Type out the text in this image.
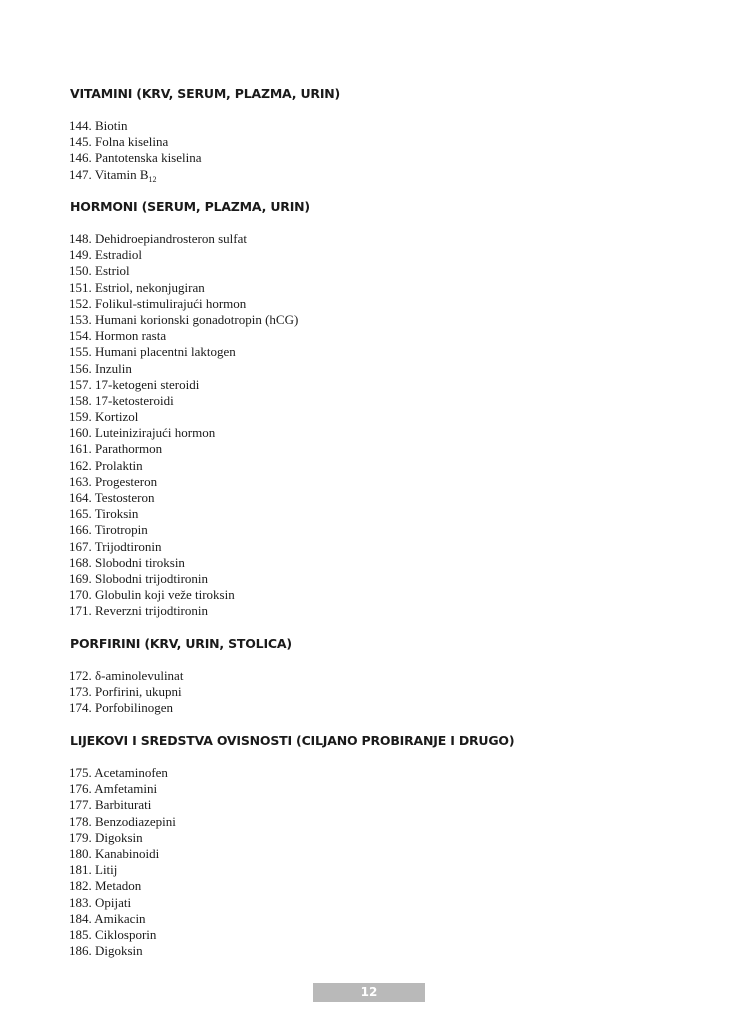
VITAMINI (KRV, SERUM, PLAZMA, URIN)
144. Biotin
145. Folna kiselina
146. Pantotenska kiselina
147. Vitamin $B_{12}$
HORMONI (SERUM, PLAZMA, URIN)
148. Dehidroepiandrosteron sulfat
149. Estradiol
150. Estriol
151. Estriol, nekonjugiran
152. Folikul-stimulirajući hormon
153. Humani korionski gonadotropin (hCG)
154. Hormon rasta
155. Humani placentni laktogen
156. Inzulin
157. 17-ketogeni steroidi
158. 17-ketosteroidi
159. Kortizol
160. Luteinizirajući hormon
161. Parathormon
162. Prolaktin
163. Progesteron
164. Testosteron
165. Tiroksin
166. Tirotropin
167. Trijodtironin
168. Slobodni tiroksin
169. Slobodni trijodtironin
170. Globulin koji veže tiroksin
171. Reverzni trijodtironin
PORFIRINI (KRV, URIN, STOLICA)
172. δ-aminolevulinat
173. Porfirini, ukupni
174. Porfobilinogen
LIJEKOVI I SREDSTVA OVISNOSTI (CILJANO PROBIRANJE I DRUGO)
175. Acetaminofen
176. Amfetamini
177. Barbiturati
178. Benzodiazepini
179. Digoksin
180. Kanabinoidi
181. Litij
182. Metadon
183. Opijati
184. Amikacin
185. Ciklosporin
186. Digoksin
12
